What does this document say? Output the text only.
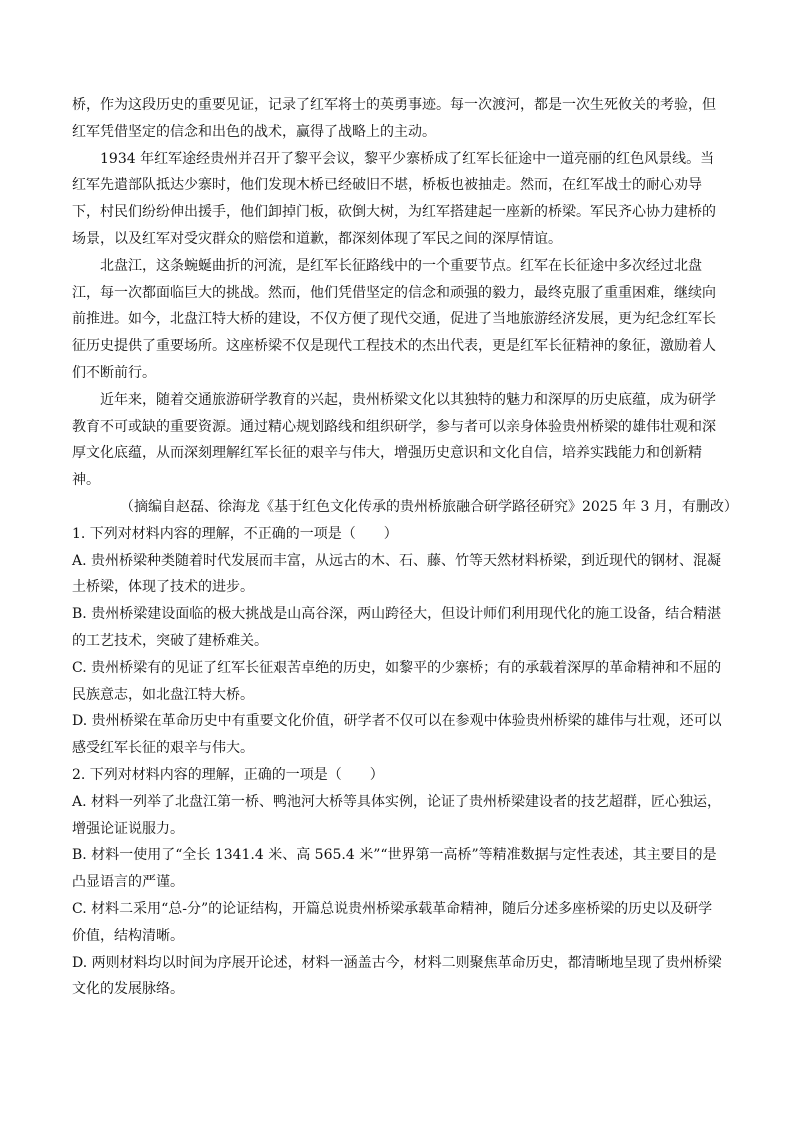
桥，作为这段历史的重要见证，记录了红军将士的英勇事迹。每一次渡河，都是一次生死攸关的考验，但红军凭借坚定的信念和出色的战术，赢得了战略上的主动。

1934 年红军途经贵州并召开了黎平会议，黎平少寨桥成了红军长征途中一道亮丽的红色风景线。当红军先遣部队抵达少寨时，他们发现木桥已经破旧不堪，桥板也被抽走。然而，在红军战士的耐心劝导下，村民们纷纷伸出援手，他们卸掉门板，砍倒大树，为红军搭建起一座新的桥梁。军民齐心协力建桥的场景，以及红军对受灾群众的赔偿和道歉，都深刻体现了军民之间的深厚情谊。

北盘江，这条蜿蜒曲折的河流，是红军长征路线中的一个重要节点。红军在长征途中多次经过北盘江，每一次都面临巨大的挑战。然而，他们凭借坚定的信念和顽强的毅力，最终克服了重重困难，继续向前推进。如今，北盘江特大桥的建设，不仅方便了现代交通，促进了当地旅游经济发展，更为纪念红军长征历史提供了重要场所。这座桥梁不仅是现代工程技术的杰出代表，更是红军长征精神的象征，激励着人们不断前行。

近年来，随着交通旅游研学教育的兴起，贵州桥梁文化以其独特的魅力和深厚的历史底蕴，成为研学教育不可或缺的重要资源。通过精心规划路线和组织研学，参与者可以亲身体验贵州桥梁的雄伟壮观和深厚文化底蕴，从而深刻理解红军长征的艰辛与伟大，增强历史意识和文化自信，培养实践能力和创新精神。

（摘编自赵磊、徐海龙《基于红色文化传承的贵州桥旅融合研学路径研究》2025 年 3 月，有删改）

1. 下列对材料内容的理解，不正确的一项是（　　）

A. 贵州桥梁种类随着时代发展而丰富，从远古的木、石、藤、竹等天然材料桥梁，到近现代的钢材、混凝土桥梁，体现了技术的进步。

B. 贵州桥梁建设面临的极大挑战是山高谷深，两山跨径大，但设计师们利用现代化的施工设备，结合精湛的工艺技术，突破了建桥难关。

C. 贵州桥梁有的见证了红军长征艰苦卓绝的历史，如黎平的少寨桥；有的承载着深厚的革命精神和不屈的民族意志，如北盘江特大桥。

D. 贵州桥梁在革命历史中有重要文化价值，研学者不仅可以在参观中体验贵州桥梁的雄伟与壮观，还可以感受红军长征的艰辛与伟大。

2. 下列对材料内容的理解，正确的一项是（　　）

A. 材料一列举了北盘江第一桥、鸭池河大桥等具体实例，论证了贵州桥梁建设者的技艺超群，匠心独运，增强论证说服力。

B. 材料一使用了“全长 1341.4 米、高 565.4 米”“世界第一高桥”等精准数据与定性表述，其主要目的是凸显语言的严谨。

C. 材料二采用“总-分”的论证结构，开篇总说贵州桥梁承载革命精神，随后分述多座桥梁的历史以及研学价值，结构清晰。

D. 两则材料均以时间为序展开论述，材料一涵盖古今，材料二则聚焦革命历史，都清晰地呈现了贵州桥梁文化的发展脉络。
